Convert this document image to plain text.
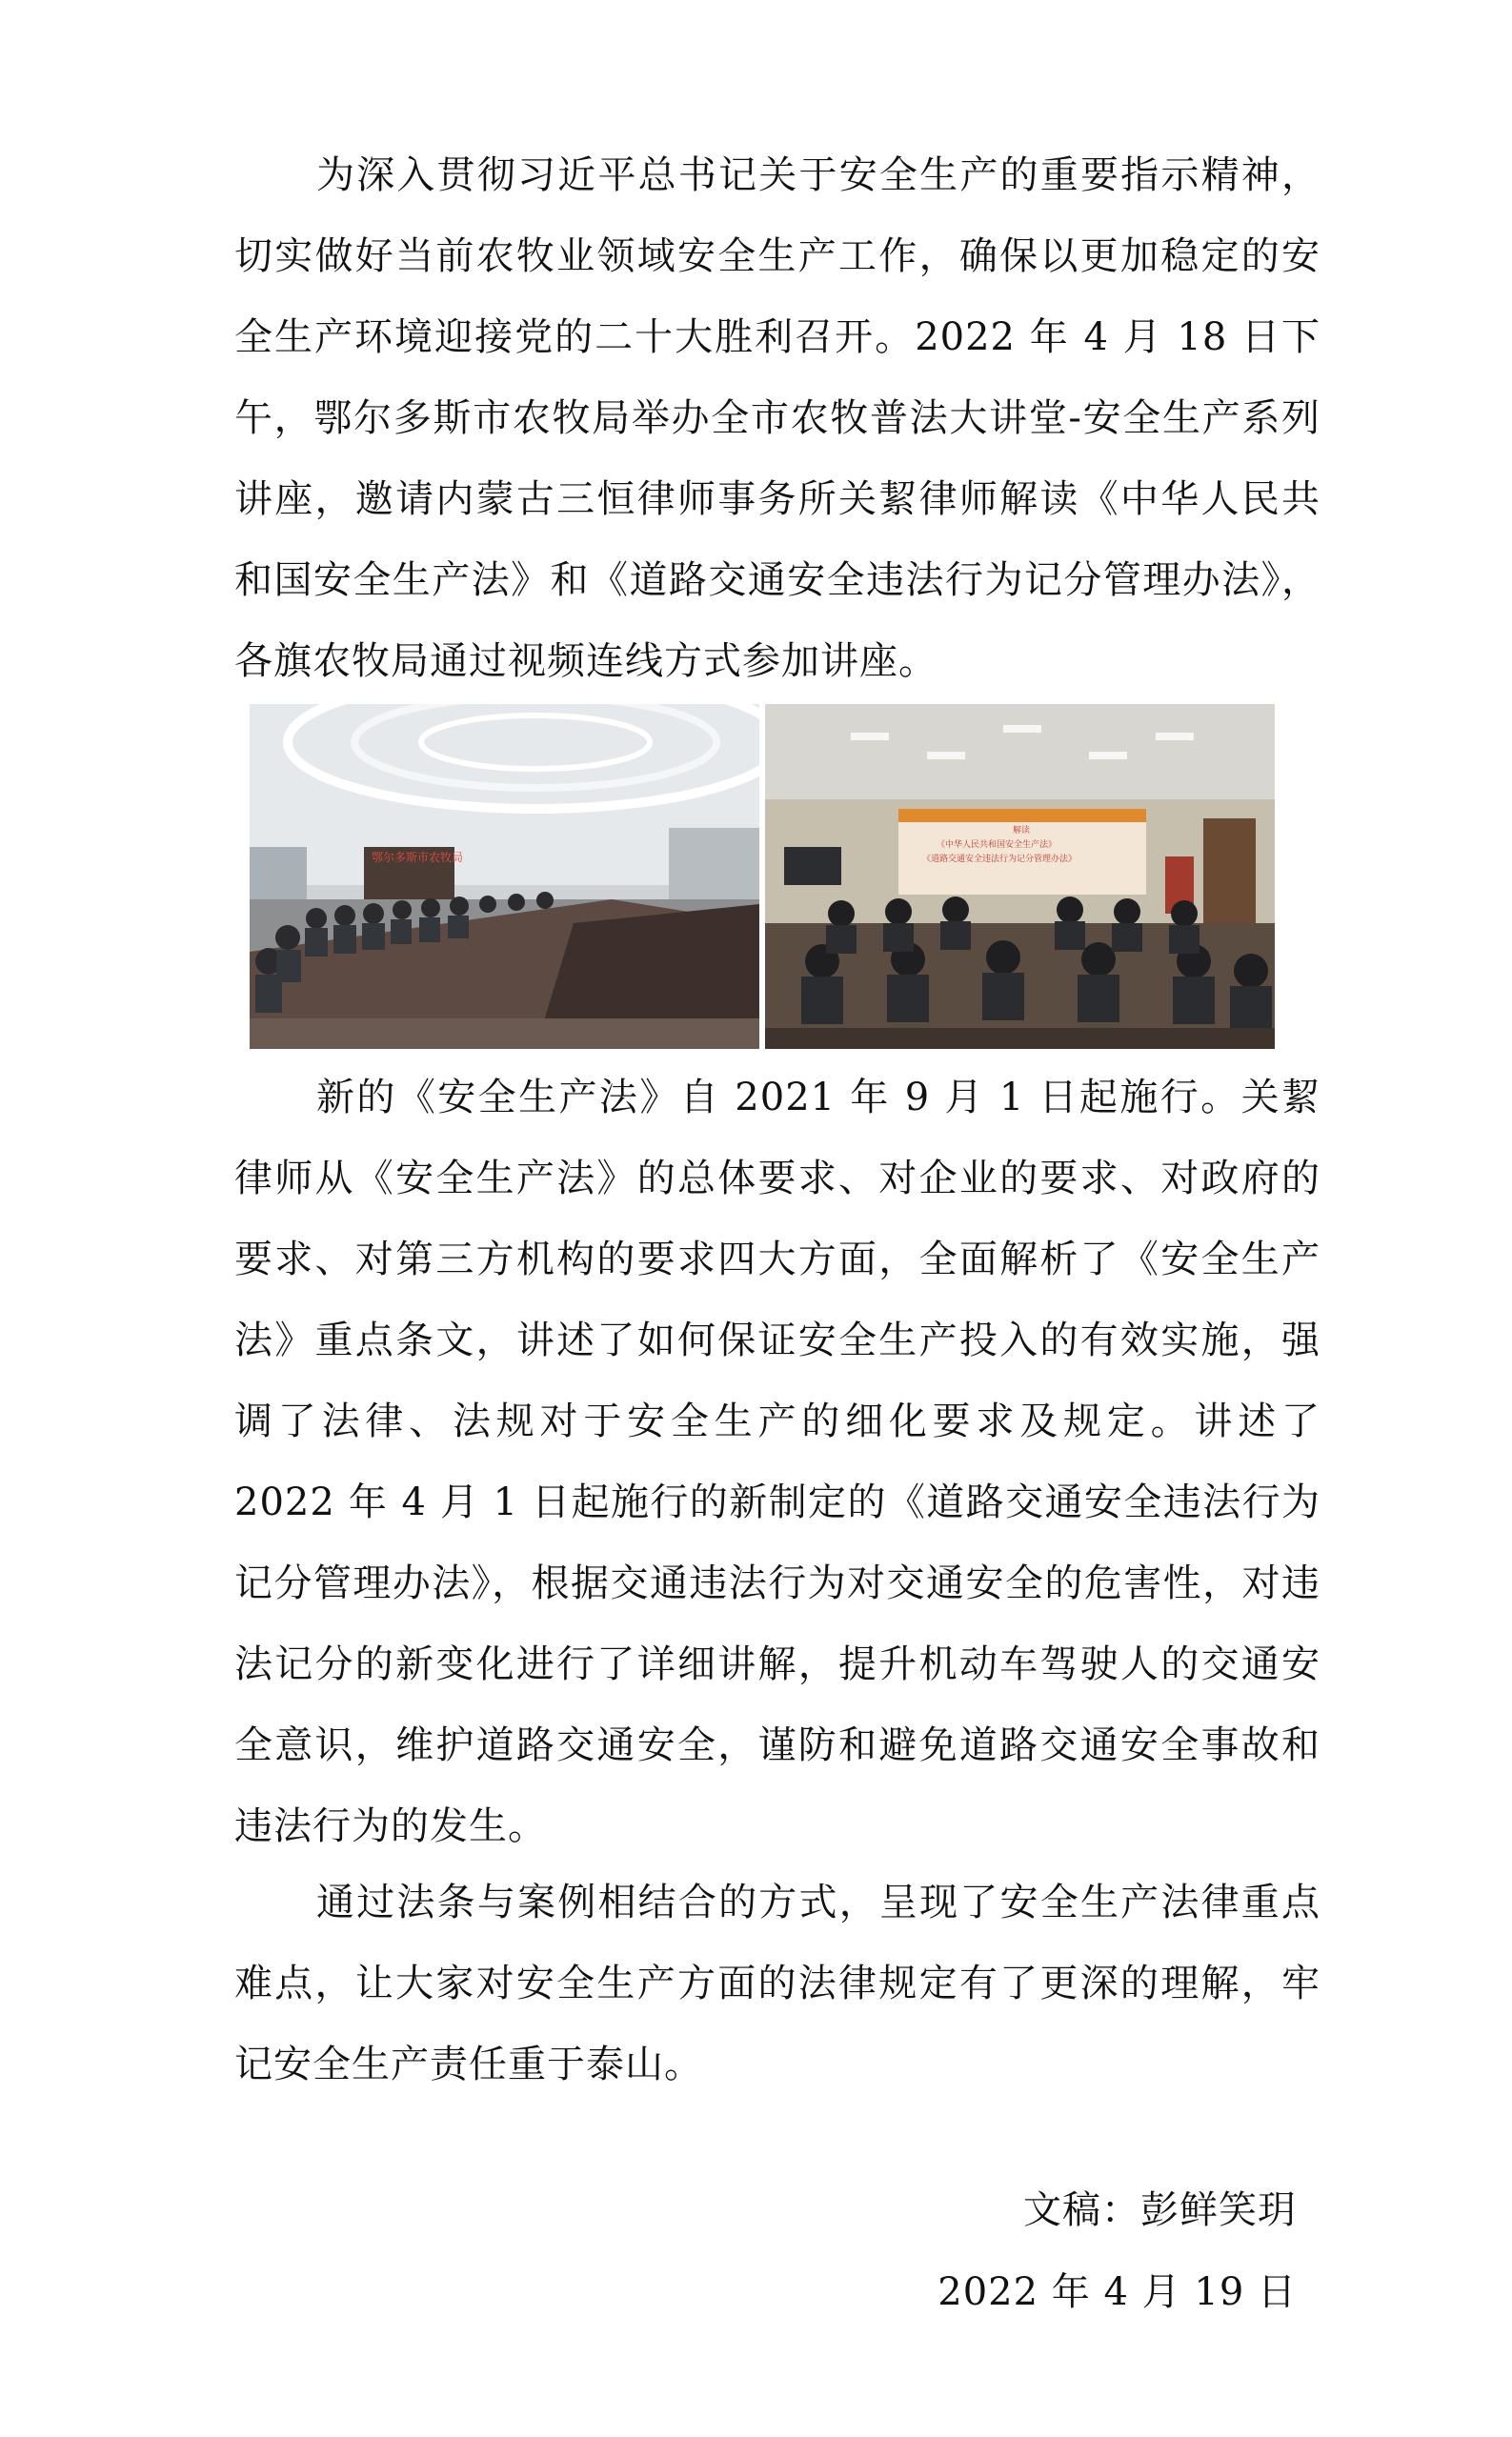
为深入贯彻习近平总书记关于安全生产的重要指示精神，切实做好当前农牧业领域安全生产工作，确保以更加稳定的安全生产环境迎接党的二十大胜利召开。2022 年 4 月 18 日下午，鄂尔多斯市农牧局举办全市农牧普法大讲堂-安全生产系列讲座，邀请内蒙古三恒律师事务所关絜律师解读《中华人民共和国安全生产法》和《道路交通安全违法行为记分管理办法》，各旗农牧局通过视频连线方式参加讲座。

鄂尔多斯市农牧局
解读
《中华人民共和国安全生产法》
《道路交通安全违法行为记分管理办法》

新的《安全生产法》自 2021 年 9 月 1 日起施行。关絜律师从《安全生产法》的总体要求、对企业的要求、对政府的要求、对第三方机构的要求四大方面，全面解析了《安全生产法》重点条文，讲述了如何保证安全生产投入的有效实施，强调了法律、法规对于安全生产的细化要求及规定。讲述了 2022 年 4 月 1 日起施行的新制定的《道路交通安全违法行为记分管理办法》，根据交通违法行为对交通安全的危害性，对违法记分的新变化进行了详细讲解，提升机动车驾驶人的交通安全意识，维护道路交通安全，谨防和避免道路交通安全事故和违法行为的发生。

通过法条与案例相结合的方式，呈现了安全生产法律重点难点，让大家对安全生产方面的法律规定有了更深的理解，牢记安全生产责任重于泰山。

文稿：彭鲜笑玥
2022 年 4 月 19 日
